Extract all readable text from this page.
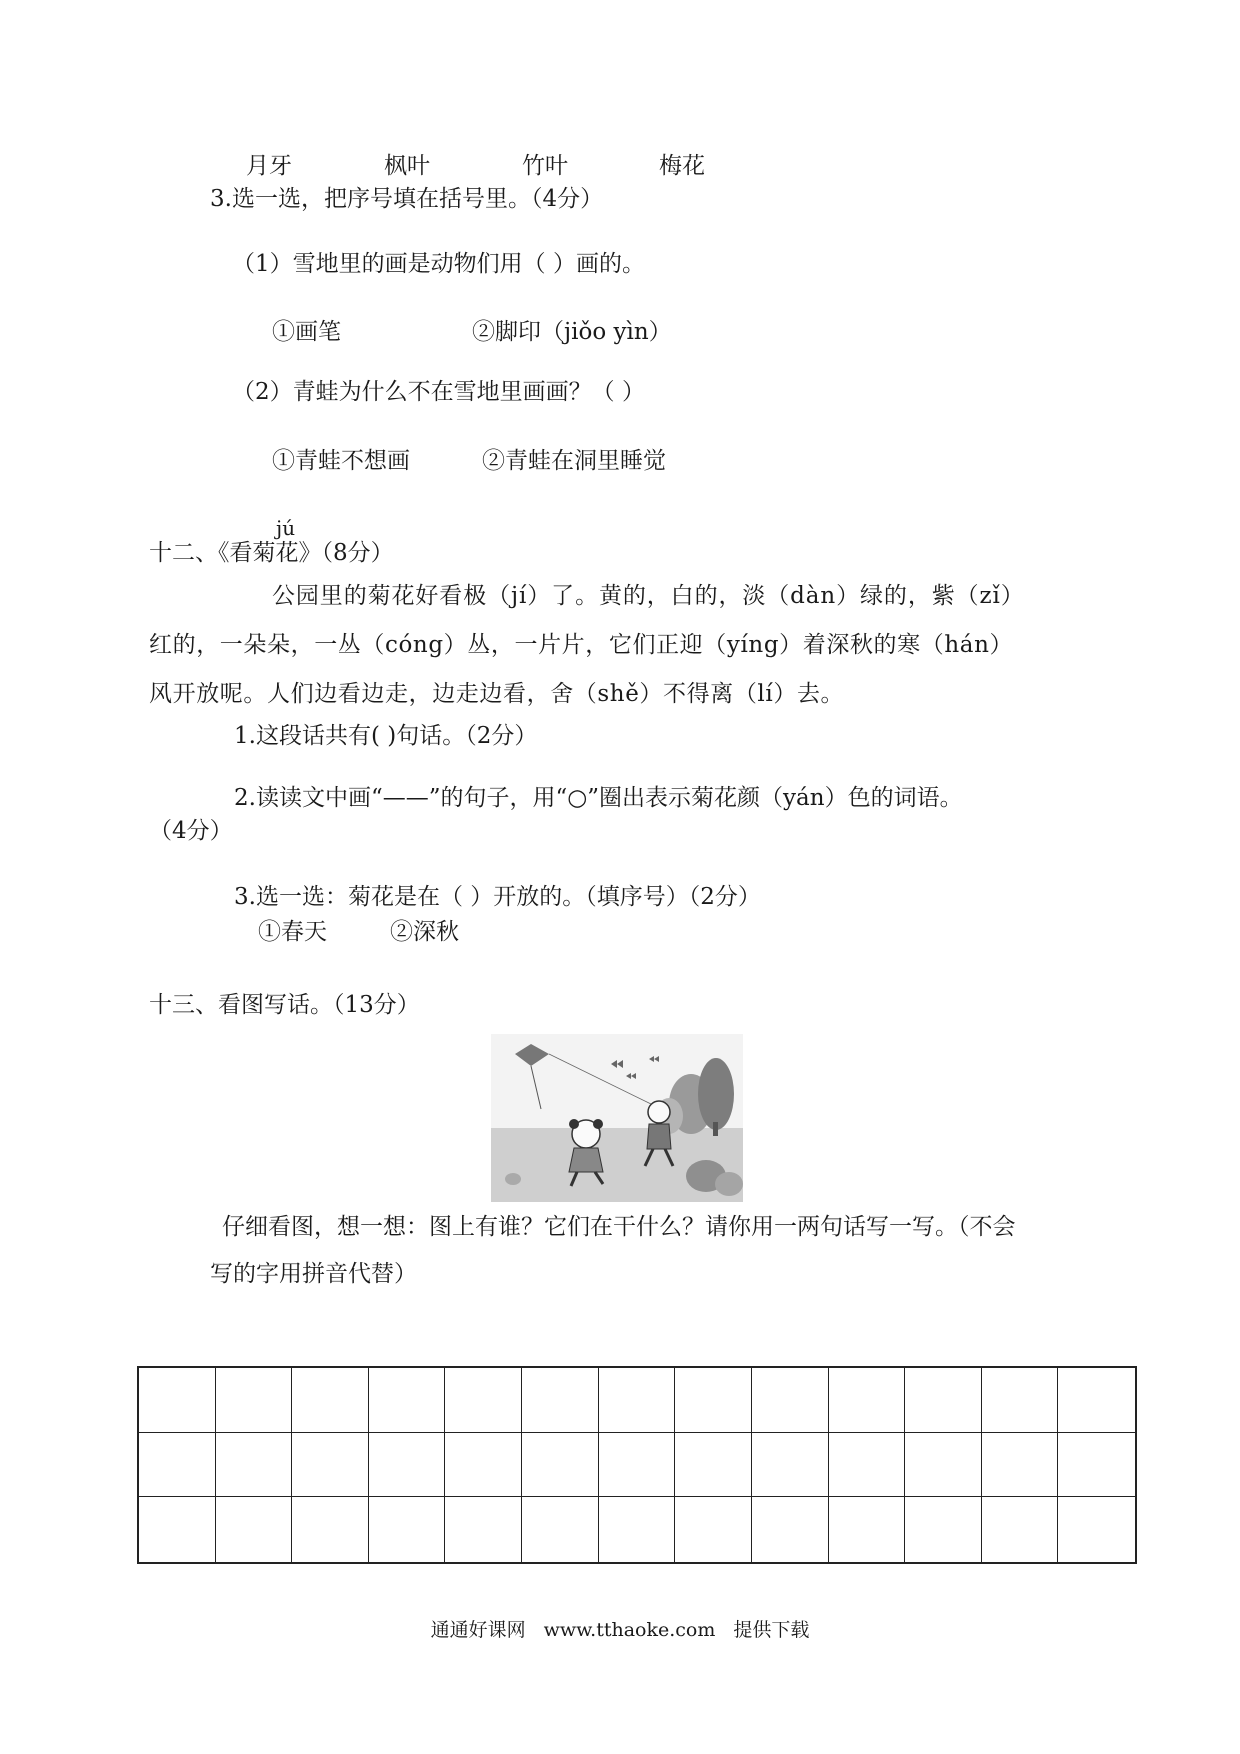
月牙	枫叶	竹叶	梅花
3.选一选，把序号填在括号里。（4分）
（1）雪地里的画是动物们用（ ）画的。
①画笔	②脚印（jiǒo yìn）
（2）青蛙为什么不在雪地里画画？（ ）
①青蛙不想画	②青蛙在洞里睡觉
jú
十二、《看菊花》（8分）
公园里的菊花好看极（jí）了。黄的，白的，淡（dàn）绿的，紫（zǐ）
红的，一朵朵，一丛（cóng）丛，一片片，它们正迎（yíng）着深秋的寒（hán）
风开放呢。人们边看边走，边走边看，舍（shě）不得离（lí）去。
1.这段话共有( )句话。（2分）
2.读读文中画“——”的句子，用“○”圈出表示菊花颜（yán）色的词语。
（4分）
3.选一选：菊花是在（ ）开放的。（填序号）（2分）
①春天	②深秋
十三、看图写话。（13分）
仔细看图，想一想：图上有谁？它们在干什么？请你用一两句话写一写。（不会
写的字用拼音代替）
通通好课网 www.tthaoke.com 提供下载
